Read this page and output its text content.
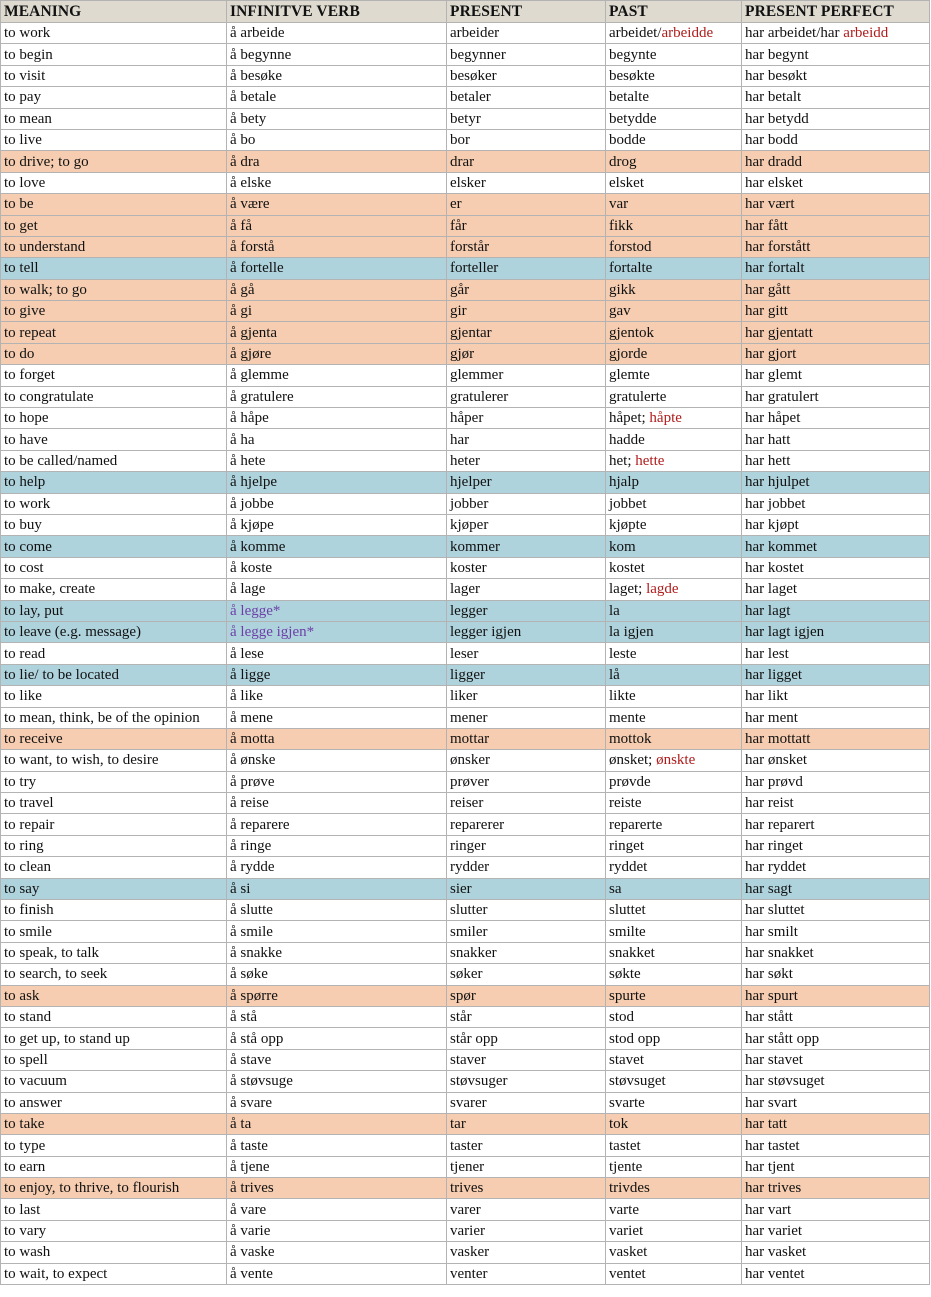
MEANING	INFINITVE VERB	PRESENT	PAST	PRESENT PERFECT
to work	å arbeide	arbeider	arbeidet/arbeidde	har arbeidet/har arbeidd
to begin	å begynne	begynner	begynte	har begynt
to visit	å besøke	besøker	besøkte	har besøkt
to pay	å betale	betaler	betalte	har betalt
to mean	å bety	betyr	betydde	har betydd
to live	å bo	bor	bodde	har bodd
to drive; to go	å dra	drar	drog	har dradd
to love	å elske	elsker	elsket	har elsket
to be	å være	er	var	har vært
to get	å få	får	fikk	har fått
to understand	å forstå	forstår	forstod	har forstått
to tell	å fortelle	forteller	fortalte	har fortalt
to walk; to go	å gå	går	gikk	har gått
to give	å gi	gir	gav	har gitt
to repeat	å gjenta	gjentar	gjentok	har gjentatt
to do	å gjøre	gjør	gjorde	har gjort
to forget	å glemme	glemmer	glemte	har glemt
to congratulate	å gratulere	gratulerer	gratulerte	har gratulert
to hope	å håpe	håper	håpet; håpte	har håpet
to have	å ha	har	hadde	har hatt
to be called/named	å hete	heter	het; hette	har hett
to help	å hjelpe	hjelper	hjalp	har hjulpet
to work	å jobbe	jobber	jobbet	har jobbet
to buy	å kjøpe	kjøper	kjøpte	har kjøpt
to come	å komme	kommer	kom	har kommet
to cost	å koste	koster	kostet	har kostet
to make, create	å lage	lager	laget; lagde	har laget
to lay, put	å legge*	legger	la	har lagt
to leave (e.g. message)	å legge igjen*	legger igjen	la igjen	har lagt igjen
to read	å lese	leser	leste	har lest
to lie/ to be located	å ligge	ligger	lå	har ligget
to like	å like	liker	likte	har likt
to mean, think, be of the opinion	å mene	mener	mente	har ment
to receive	å motta	mottar	mottok	har mottatt
to want, to wish, to desire	å ønske	ønsker	ønsket; ønskte	har ønsket
to try	å prøve	prøver	prøvde	har prøvd
to travel	å reise	reiser	reiste	har reist
to repair	å reparere	reparerer	reparerte	har reparert
to ring	å ringe	ringer	ringet	har ringet
to clean	å rydde	rydder	ryddet	har ryddet
to say	å si	sier	sa	har sagt
to finish	å slutte	slutter	sluttet	har sluttet
to smile	å smile	smiler	smilte	har smilt
to speak, to talk	å snakke	snakker	snakket	har snakket
to search, to seek	å søke	søker	søkte	har søkt
to ask	å spørre	spør	spurte	har spurt
to stand	å stå	står	stod	har stått
to get up, to stand up	å stå opp	står opp	stod opp	har stått opp
to spell	å stave	staver	stavet	har stavet
to vacuum	å støvsuge	støvsuger	støvsuget	har støvsuget
to answer	å svare	svarer	svarte	har svart
to take	å ta	tar	tok	har tatt
to type	å taste	taster	tastet	har tastet
to earn	å tjene	tjener	tjente	har tjent
to enjoy, to thrive, to flourish	å trives	trives	trivdes	har trives
to last	å vare	varer	varte	har vart
to vary	å varie	varier	variet	har variet
to wash	å vaske	vasker	vasket	har vasket
to wait, to expect	å vente	venter	ventet	har ventet
